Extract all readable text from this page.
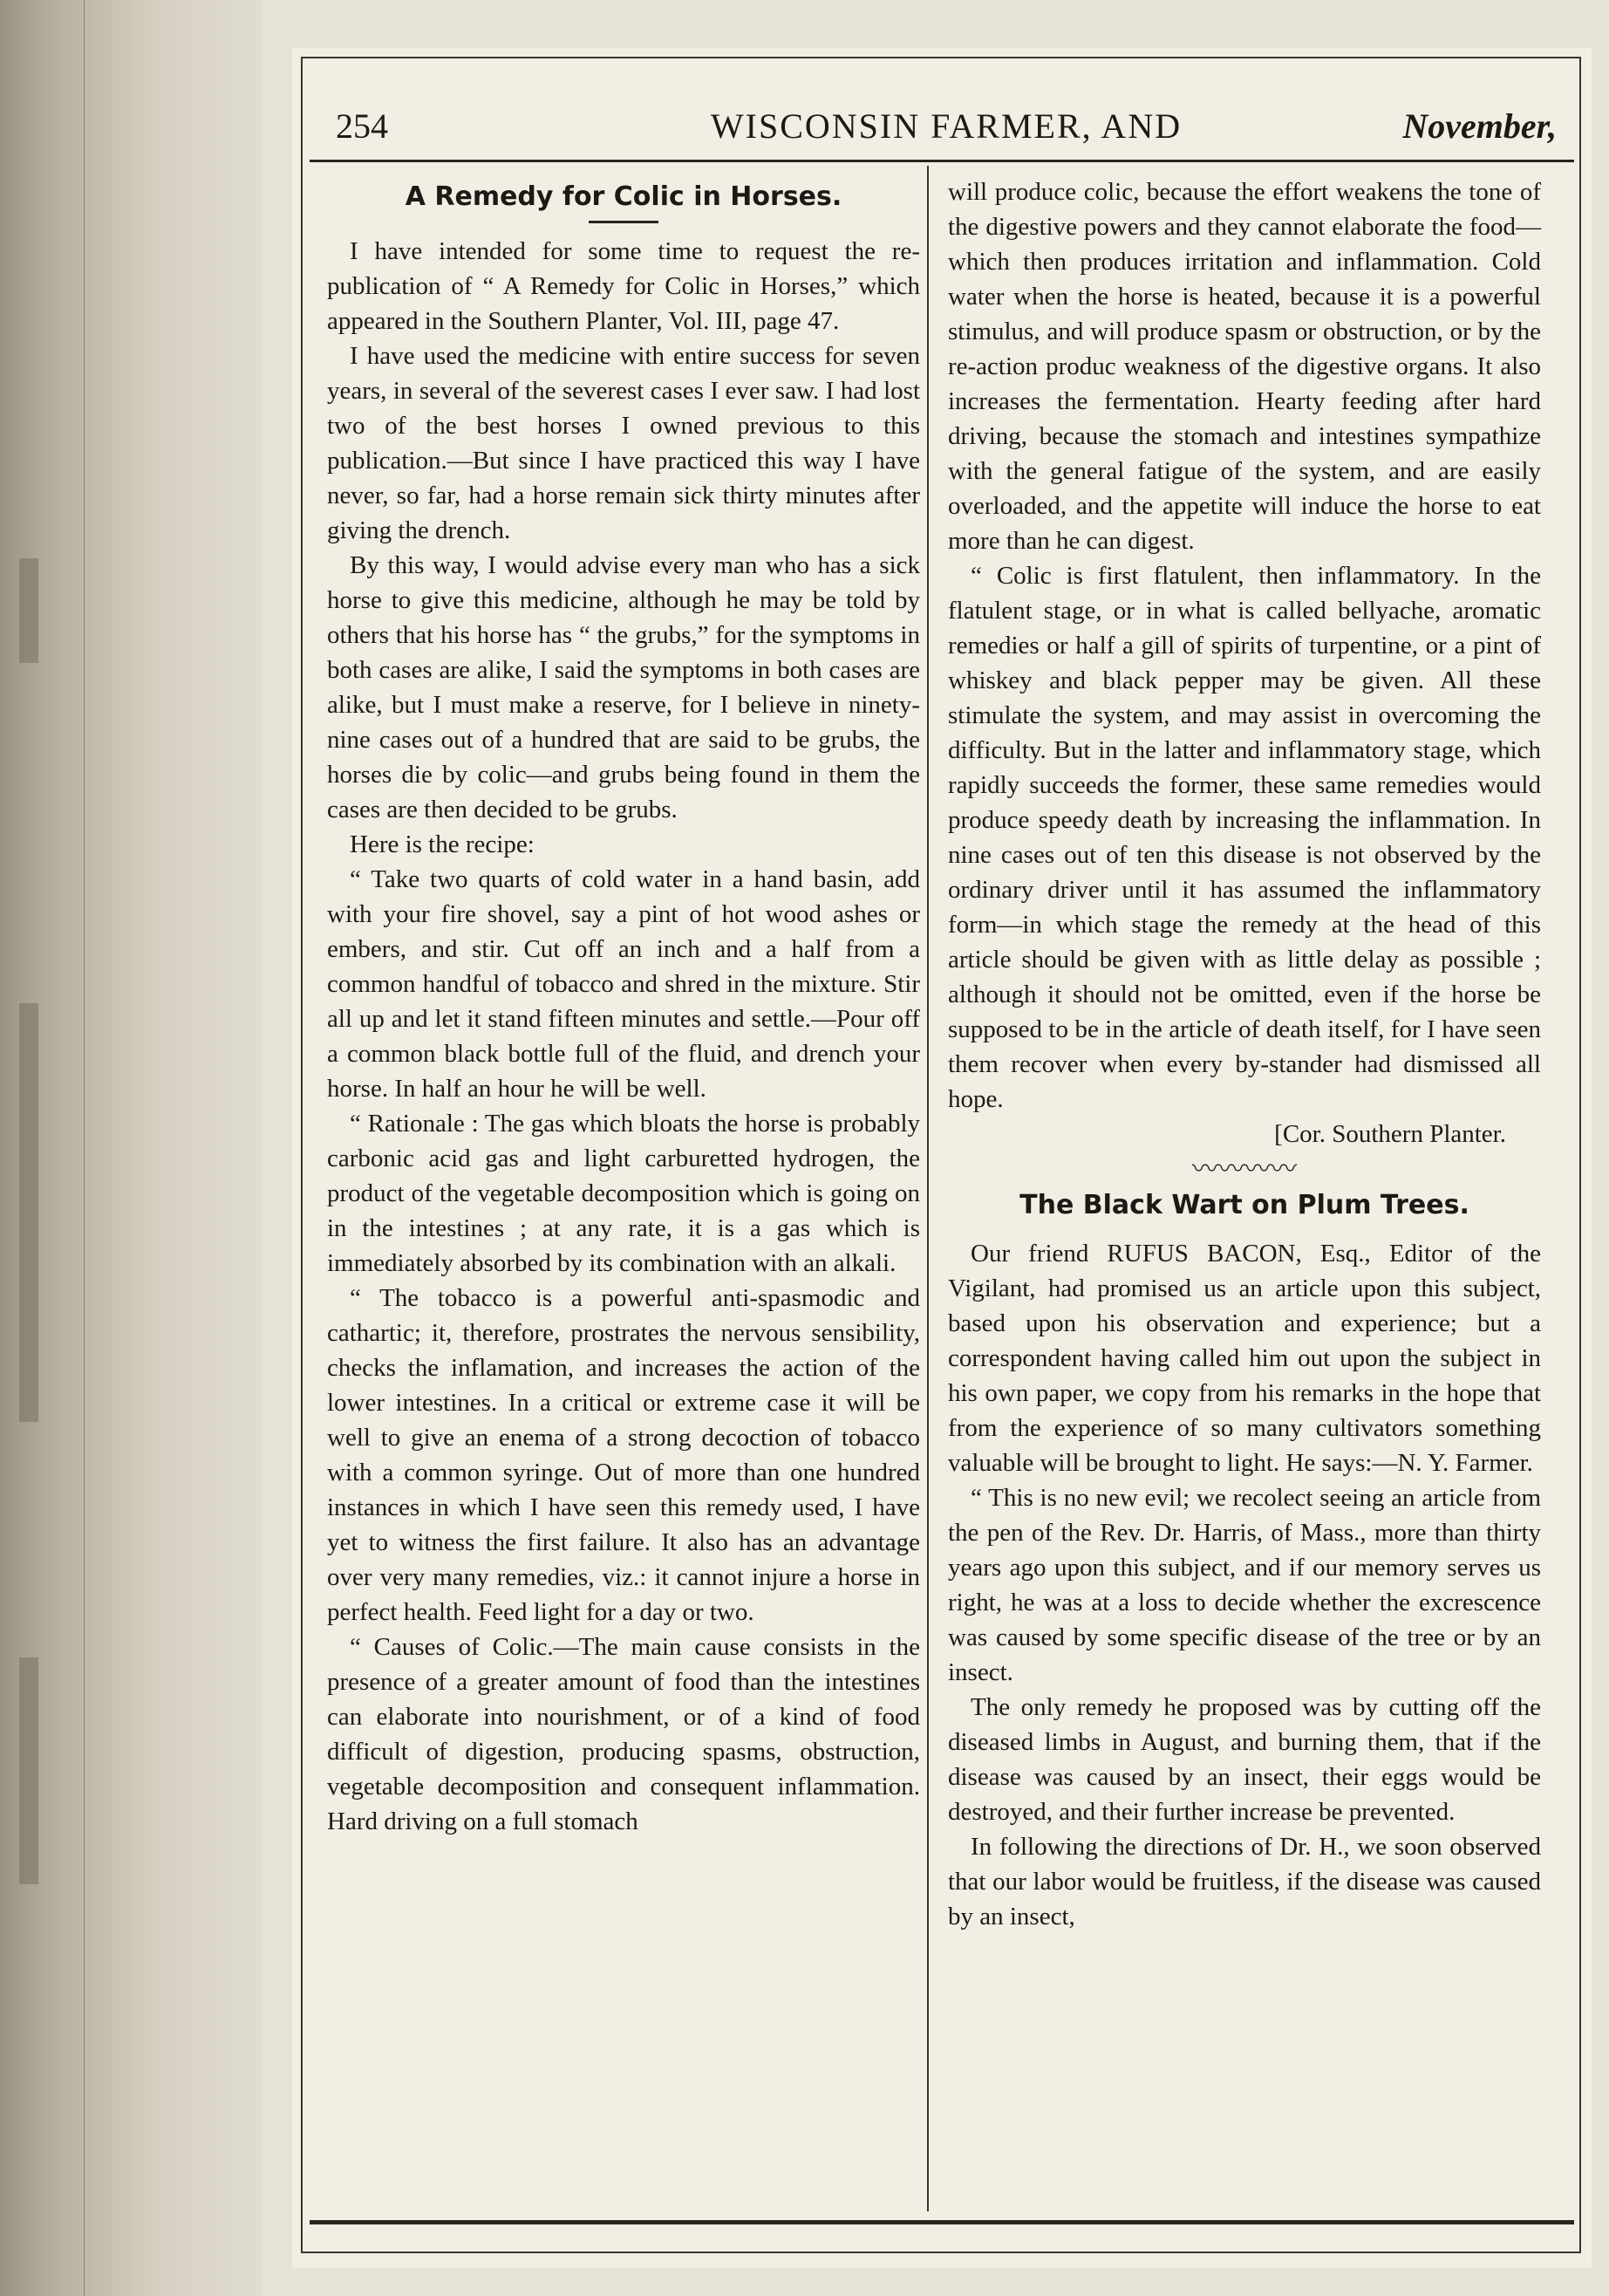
254	WISCONSIN FARMER, AND	November,
A Remedy for Colic in Horses.

I have intended for some time to request the re-publication of “ A Remedy for Colic in Horses,” which appeared in the Southern Planter, Vol. III, page 47.

I have used the medicine with entire success for seven years, in several of the severest cases I ever saw. I had lost two of the best horses I owned previous to this publication.—But since I have practiced this way I have never, so far, had a horse remain sick thirty minutes after giving the drench.

By this way, I would advise every man who has a sick horse to give this medicine, although he may be told by others that his horse has “ the grubs,” for the symptoms in both cases are alike, I said the symptoms in both cases are alike, but I must make a reserve, for I believe in ninety-nine cases out of a hundred that are said to be grubs, the horses die by colic—and grubs being found in them the cases are then decided to be grubs.

Here is the recipe:

“ Take two quarts of cold water in a hand basin, add with your fire shovel, say a pint of hot wood ashes or embers, and stir. Cut off an inch and a half from a common handful of tobacco and shred in the mixture. Stir all up and let it stand fifteen minutes and settle.—Pour off a common black bottle full of the fluid, and drench your horse. In half an hour he will be well.

“ Rationale : The gas which bloats the horse is probably carbonic acid gas and light carburetted hydrogen, the product of the vegetable decomposition which is going on in the intestines ; at any rate, it is a gas which is immediately absorbed by its combination with an alkali.

“ The tobacco is a powerful anti-spasmodic and cathartic; it, therefore, prostrates the nervous sensibility, checks the inflamation, and increases the action of the lower intestines. In a critical or extreme case it will be well to give an enema of a strong decoction of tobacco with a common syringe. Out of more than one hundred instances in which I have seen this remedy used, I have yet to witness the first failure. It also has an advantage over very many remedies, viz.: it cannot injure a horse in perfect health. Feed light for a day or two.

“ Causes of Colic.—The main cause consists in the presence of a greater amount of food than the intestines can elaborate into nourishment, or of a kind of food difficult of digestion, producing spasms, obstruction, vegetable decomposition and consequent inflammation. Hard driving on a full stomach

will produce colic, because the effort weakens the tone of the digestive powers and they cannot elaborate the food—which then produces irritation and inflammation. Cold water when the horse is heated, because it is a powerful stimulus, and will produce spasm or obstruction, or by the re-action produc weakness of the digestive organs. It also increases the fermentation. Hearty feeding after hard driving, because the stomach and intestines sympathize with the general fatigue of the system, and are easily overloaded, and the appetite will induce the horse to eat more than he can digest.

“ Colic is first flatulent, then inflammatory. In the flatulent stage, or in what is called bellyache, aromatic remedies or half a gill of spirits of turpentine, or a pint of whiskey and black pepper may be given. All these stimulate the system, and may assist in overcoming the difficulty. But in the latter and inflammatory stage, which rapidly succeeds the former, these same remedies would produce speedy death by increasing the inflammation. In nine cases out of ten this disease is not observed by the ordinary driver until it has assumed the inflammatory form—in which stage the remedy at the head of this article should be given with as little delay as possible ; although it should not be omitted, even if the horse be supposed to be in the article of death itself, for I have seen them recover when every by-stander had dismissed all hope.

[Cor. Southern Planter.
〰〰〰〰
The Black Wart on Plum Trees.

Our friend RUFUS BACON, Esq., Editor of the Vigilant, had promised us an article upon this subject, based upon his observation and experience; but a correspondent having called him out upon the subject in his own paper, we copy from his remarks in the hope that from the experience of so many cultivators something valuable will be brought to light. He says:—N. Y. Farmer.

“ This is no new evil; we recolect seeing an article from the pen of the Rev. Dr. Harris, of Mass., more than thirty years ago upon this subject, and if our memory serves us right, he was at a loss to decide whether the excrescence was caused by some specific disease of the tree or by an insect.

The only remedy he proposed was by cutting off the diseased limbs in August, and burning them, that if the disease was caused by an insect, their eggs would be destroyed, and their further increase be prevented.

In following the directions of Dr. H., we soon observed that our labor would be fruitless, if the disease was caused by an insect,
